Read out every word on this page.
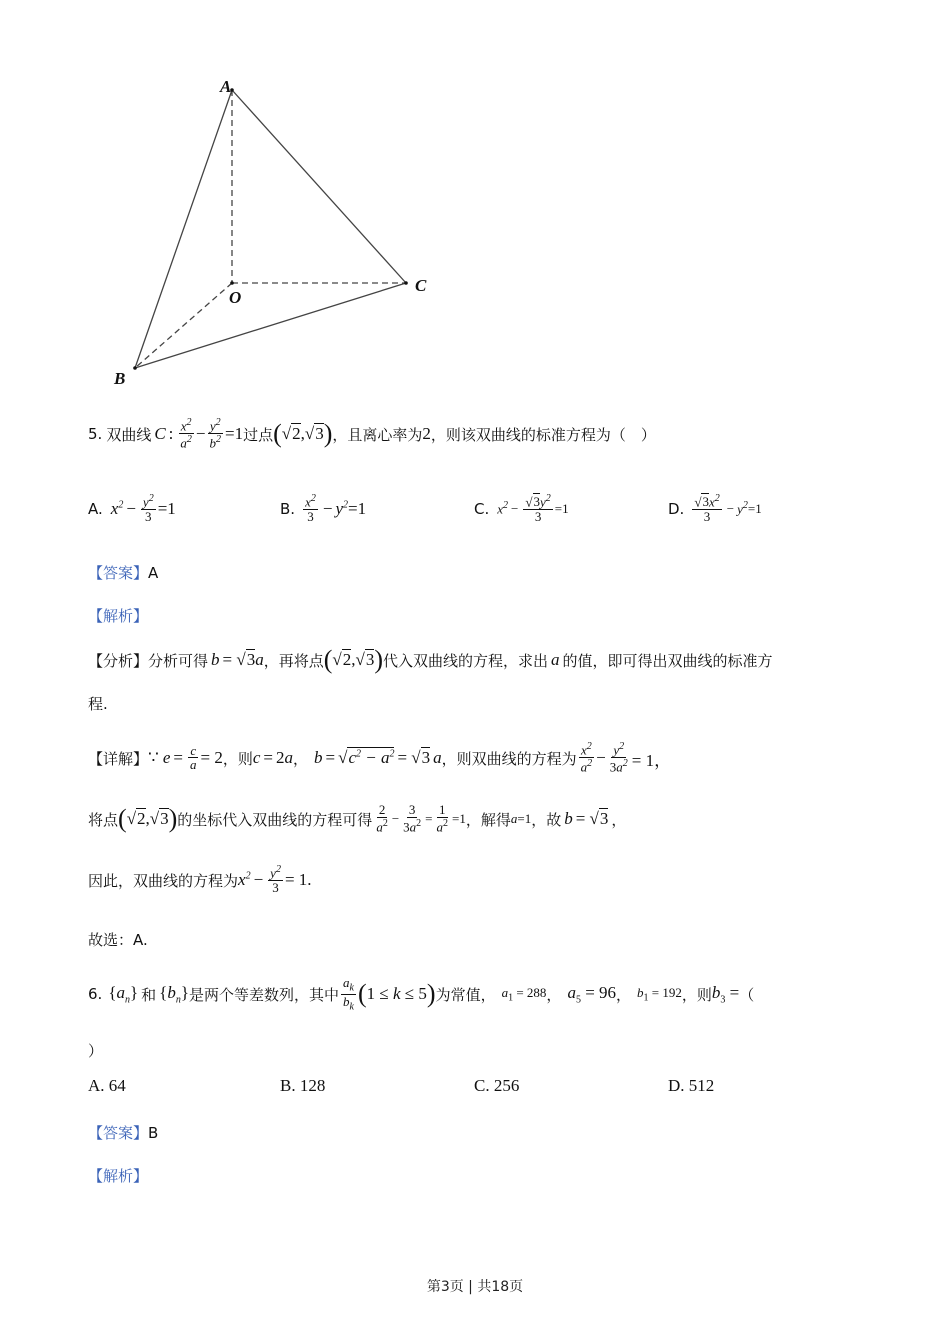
A
O
B
C
5. 双曲线 C : $\frac{x^2}{a^2} - \frac{y^2}{b^2} =1$ 过点 ( √2,√3 ) ，且离心率为 2 ，则该双曲线的标准方程为（　）
A. $x^2 - \frac{y^2}{3} =1$	B. $\frac{x^2}{3} - y^2 =1$	C. $x^2 - \frac{√3y^2}{3} =1$	D. $\frac{√3x^2}{3} - y^2 =1$
【答案】A
【解析】
【分析】 分析可得 b = √3 a ，再将点 ( √2,√3 ) 代入双曲线的方程，求出 a 的值，即可得出双曲线的标准方
程.
【详解】 ∵ $e = \frac{c}{a} = 2$ ，则 c = 2 a ， $b = √c^2 - a^2 = √3$ a ，则双曲线的方程为 $\frac{x^2}{a^2} - \frac{y^2}{3a^2} = 1$，
将点 ( √2,√3 ) 的坐标代入双曲线的方程可得 $\frac{2}{a^2} - \frac{3}{3a^2} = \frac{1}{a^2} =1$ ，解得 a =1 ，故 b = √3 ，
因此，双曲线的方程为 $x^2 - \frac{y^2}{3} = 1$.
故选：A.
6. $\{a_n\}$ 和 $\{b_n\}$ 是两个等差数列，其中 $\frac{a_k}{b_k}$ ( 1 ≤ k ≤ 5 ) 为常值， $a_1 = 288$ ， $a_5 = 96$ ， $b_1 = 192$ ，则 $b_3$ = （
）
A. 64	B. 128	C. 256	D. 512
【答案】B
【解析】
第3页 | 共18页
